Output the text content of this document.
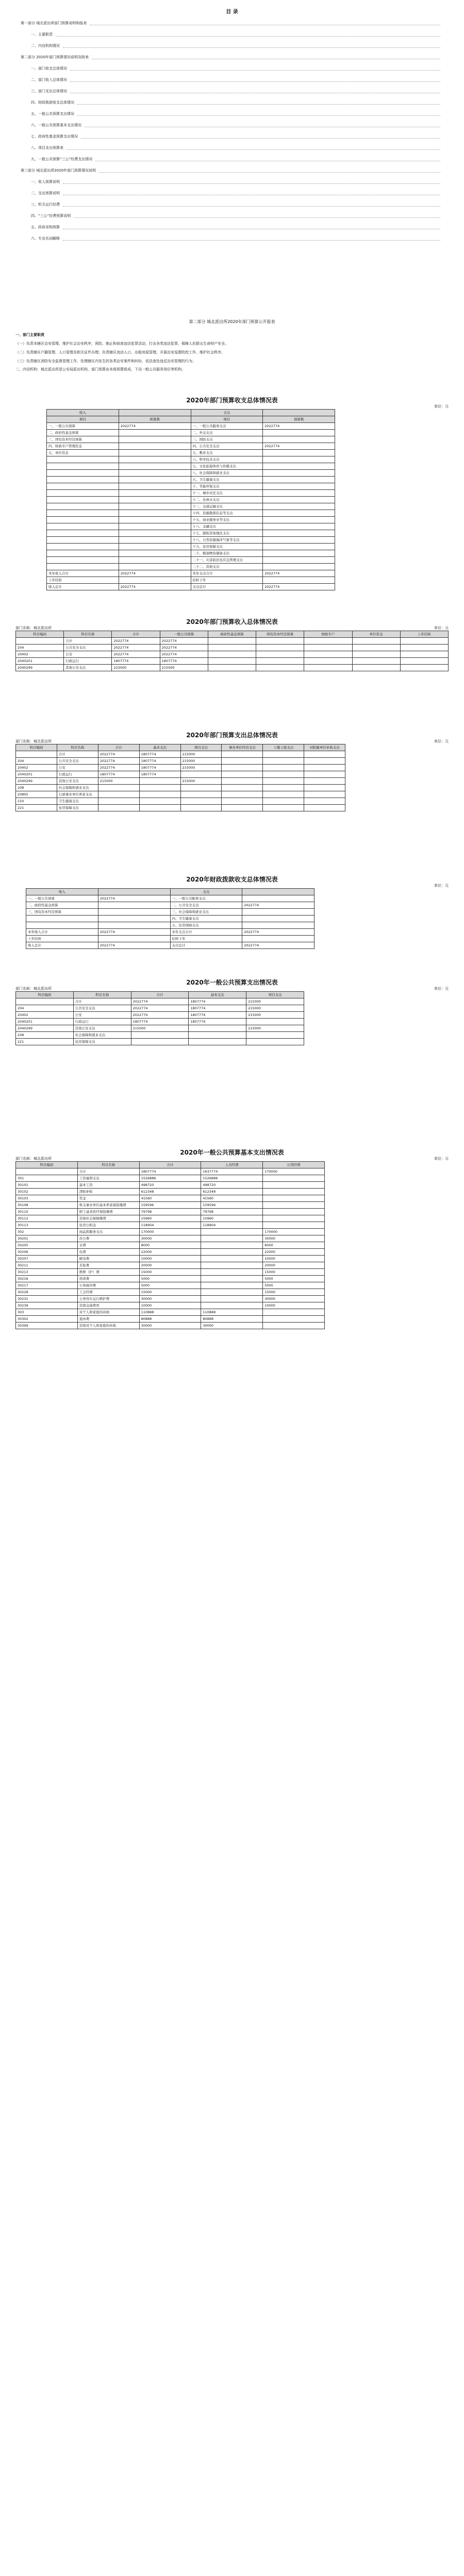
目 录
第一部分 城北派出所部门预算说明和报表
一、主要职责
二、内设机构情况
第二部分 2020年部门预算情况说明及附表
一、部门收支总体情况
二、部门收入总体情况
三、部门支出总体情况
四、财政拨款收支总体情况
五、一般公共预算支出情况
六、一般公共预算基本支出情况
七、政府性基金预算支出情况
八、项目支出预算表
九、一般公共预算“三公”经费支出情况
第三部分 城北派出所2020年部门预算情况说明
一、收入预算说明
二、支出预算说明
三、机关运行经费
四、“三公”经费预算说明
五、政府采购预算
六、专业名词解释
第二部分 城北派出所2020年部门预算公开报表
一、部门主要职责
（一）负责本辖区治安管理，维护社会治安秩序，预防、制止和侦查违法犯罪活动，打击各类违法犯罪，保障人民群众生命财产安全。
（二）负责辖区户籍管理、人口管理及相关证件办理；负责辖区流动人口、出租房屋管理，开展治安巡逻防控工作，维护社会秩序。
（三）负责辖区消防安全监督管理工作，处理辖区内发生的各类治安案件和纠纷，依法查处违反治安管理的行为。
二、内设机构：城北派出所是公安局派出机构，部门预算由本级预算组成，下设一般公共服务岗位等机构。
2020年部门预算收支总体情况表
单位：元
收入		支出	
项目	预算数	项目	预算数
一、一般公共预算	2022774	一、一般公共服务支出	2022774
二、政府性基金预算		二、外交支出	
三、国有资本经营预算		三、国防支出	
四、财政专户管理资金		四、公共安全支出	2022774
五、单位资金		五、教育支出	
		六、科学技术支出	
		七、文化旅游体育与传媒支出	
		八、社会保障和就业支出	
		九、卫生健康支出	
		十、节能环保支出	
		十一、城乡社区支出	
		十二、农林水支出	
		十三、交通运输支出	
		十四、资源勘探信息等支出	
		十五、商业服务业等支出	
		十六、金融支出	
		十七、援助其他地区支出	
		十八、自然资源海洋气象等支出	
		十九、住房保障支出	
		二十、粮油物资储备支出	
		二十一、灾害防治及应急管理支出	
		二十二、其他支出	
本年收入合计	2022774	本年支出合计	2022774
上年结转		结转下年	
收入总计	2022774	支出总计	2022774
2020年部门预算收入总体情况表
部门名称：城北派出所	单位：元
科目编码	科目名称	合计	一般公共预算	政府性基金预算	国有资本经营预算	财政专户	单位资金	上年结转
	合计	2022774	2022774					
204	公共安全支出	2022774	2022774					
20402	公安	2022774	2022774					
2040201	行政运行	1807774	1807774					
2040299	其他公安支出	215000	215000					
2020年部门预算支出总体情况表
部门名称：城北派出所	单位：元
科目编码	科目名称	合计	基本支出	项目支出	事业单位经营支出	上缴上级支出	对附属单位补助支出
	合计	2022774	1807774	215000			
204	公共安全支出	2022774	1807774	215000			
20402	公安	2022774	1807774	215000			
2040201	行政运行	1807774	1807774				
2040299	其他公安支出	215000		215000			
208	社会保障和就业支出						
20805	行政事业单位养老支出						
210	卫生健康支出						
221	住房保障支出						
2020年财政拨款收支总体情况表
单位：元
收入		支出	
一、一般公共预算	2022774	一、一般公共服务支出	
二、政府性基金预算		二、公共安全支出	2022774
三、国有资本经营预算		三、社会保障和就业支出	
		四、卫生健康支出	
		五、住房保障支出	
本年收入合计	2022774	本年支出合计	2022774
上年结转		结转下年	
收入总计	2022774	支出总计	2022774
2020年一般公共预算支出情况表
部门名称：城北派出所	单位：元
科目编码	科目名称	合计	基本支出	项目支出
	合计	2022774	1807774	215000
204	公共安全支出	2022774	1807774	215000
20402	公安	2022774	1807774	215000
2040201	行政运行	1807774	1807774	
2040299	其他公安支出	215000		215000
208	社会保障和就业支出			
221	住房保障支出			
2020年一般公共预算基本支出情况表
部门名称：城北派出所	单位：元
科目编码	科目名称	合计	人员经费	公用经费
	合计	1807774	1637774	170000
301	工资福利支出	1526886	1526886	
30101	基本工资	498720	498720	
30102	津贴补贴	612348	612348	
30103	奖金	41560	41560	
30108	机关事业单位基本养老保险缴费	159596	159596	
30110	职工基本医疗保险缴费	79798	79798	
30112	其他社会保障缴费	15960	15960	
30113	住房公积金	118904	118904	
302	商品和服务支出	170000		170000
30201	办公费	30000		30000
30205	水费	8000		8000
30206	电费	22000		22000
30207	邮电费	10000		10000
30211	差旅费	20000		20000
30213	维修（护）费	15000		15000
30216	培训费	5000		5000
30217	公务接待费	5000		5000
30228	工会经费	15000		15000
30231	公务用车运行维护费	30000		30000
30239	其他交通费用	10000		10000
303	对个人和家庭的补助	110888	110888	
30302	退休费	80888	80888	
30399	其他对个人和家庭的补助	30000	30000	
